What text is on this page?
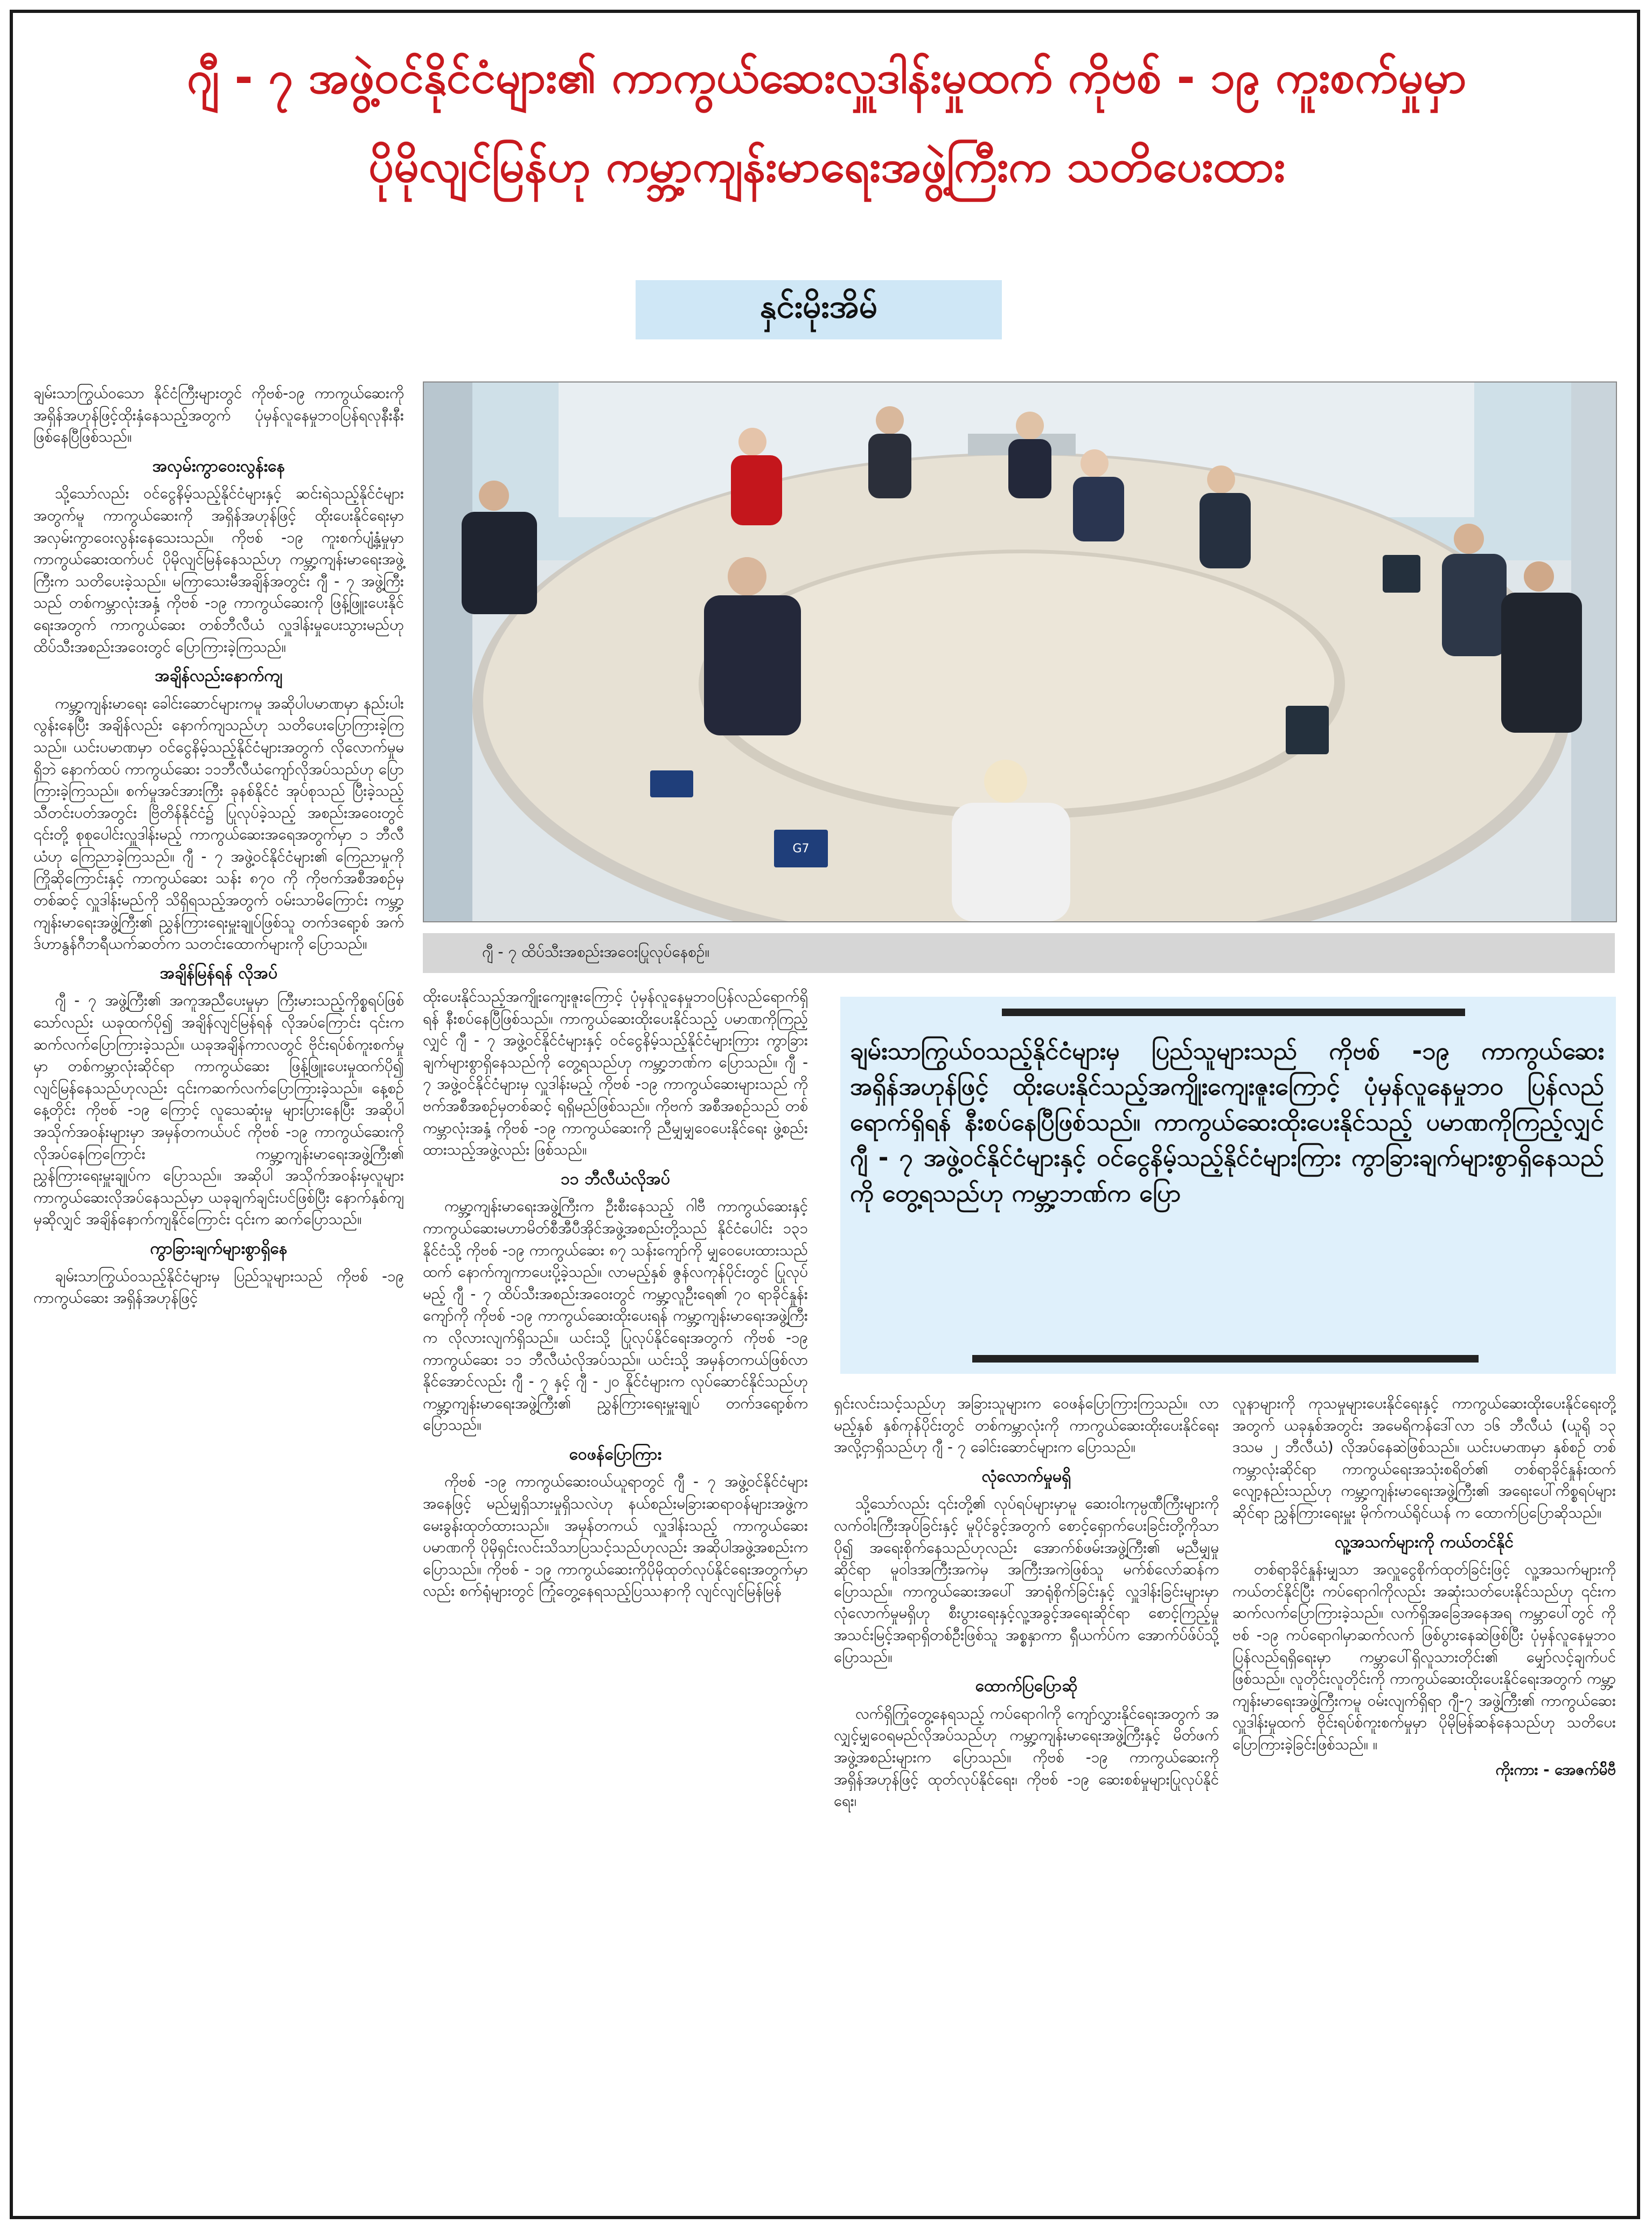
ဂျီ - ၇ အဖွဲ့ဝင်နိုင်ငံများ၏ ကာကွယ်ဆေးလှူဒါန်းမှုထက် ကိုဗစ် - ၁၉ ကူးစက်မှုမှာ
ပိုမိုလျင်မြန်ဟု ကမ္ဘာ့ကျန်းမာရေးအဖွဲ့ကြီးက သတိပေးထား
နှင်းမိုးအိမ်

ချမ်းသာကြွယ်ဝသော နိုင်ငံကြီးများတွင် ကိုဗစ်-၁၉ ကာကွယ်ဆေးကို အရှိန်အဟုန်ဖြင့်ထိုးနှံနေသည့်အတွက် ပုံမှန်လူနေမှုဘဝပြန်ရလုနီးနီး ဖြစ်နေပြီဖြစ်သည်။

အလှမ်းကွာဝေးလွန်းနေ

သို့သော်လည်း ဝင်ငွေနိမ့်သည့်နိုင်ငံများနှင့် ဆင်းရဲသည့်နိုင်ငံများအတွက်မူ ကာကွယ်ဆေးကို အရှိန်အဟုန်ဖြင့် ထိုးပေးနိုင်ရေးမှာ အလှမ်းကွာဝေးလွန်းနေသေးသည်။ ကိုဗစ် -၁၉ ကူးစက်ပျံ့နှံ့မှုမှာ ကာကွယ်ဆေးထက်ပင် ပိုမိုလျင်မြန်နေသည်ဟု ကမ္ဘာ့ကျန်းမာရေးအဖွဲ့ကြီးက သတိပေးခဲ့သည်။ မကြာသေးမီအချိန်အတွင်း ဂျီ - ၇ အဖွဲ့ကြီးသည် တစ်ကမ္ဘာလုံးအနှံ့ ကိုဗစ် -၁၉ ကာကွယ်ဆေးကို ဖြန့်ဖြူးပေးနိုင်ရေးအတွက် ကာကွယ်ဆေး တစ်ဘီလီယံ လှူဒါန်းမှုပေးသွားမည်ဟု ထိပ်သီးအစည်းအဝေးတွင် ပြောကြားခဲ့ကြသည်။

အချိန်လည်းနောက်ကျ

ကမ္ဘာ့ကျန်းမာရေး ခေါင်းဆောင်များကမူ အဆိုပါပမာဏမှာ နည်းပါးလွန်းနေပြီး အချိန်လည်း နောက်ကျသည်ဟု သတိပေးပြောကြားခဲ့ကြသည်။ ယင်းပမာဏမှာ ဝင်ငွေနိမ့်သည့်နိုင်ငံများအတွက် လိုလောက်မှုမရှိဘဲ နောက်ထပ် ကာကွယ်ဆေး ၁၁ဘီလီယံကျော်လိုအပ်သည်ဟု ပြောကြားခဲ့ကြသည်။ စက်မှုအင်အားကြီး ခုနစ်နိုင်ငံ အုပ်စုသည် ပြီးခဲ့သည့်သီတင်းပတ်အတွင်း ဗြိတိန်နိုင်ငံ၌ ပြုလုပ်ခဲ့သည့် အစည်းအဝေးတွင် ၎င်းတို့ စုစုပေါင်းလှူဒါန်းမည့် ကာကွယ်ဆေးအရေအတွက်မှာ ၁ ဘီလီယံဟု ကြေညာခဲ့ကြသည်။ ဂျီ - ၇ အဖွဲ့ဝင်နိုင်ငံများ၏ ကြေညာမှုကို ကြိုဆိုကြောင်းနှင့် ကာကွယ်ဆေး သန်း ၈၇၀ ကို ကိုဗက်အစီအစဉ်မှတစ်ဆင့် လှူဒါန်းမည်ကို သိရှိရသည့်အတွက် ဝမ်းသာမိကြောင်း ကမ္ဘာ့ကျန်းမာရေးအဖွဲ့ကြီး၏ ညွှန်ကြားရေးမှူးချုပ်ဖြစ်သူ တက်ဒရော့စ် အက်ဒ်ဟာနွန်ဂီဘရီယက်ဆတ်က သတင်းထောက်များကို ပြောသည်။

အချိန်မြန်ရန် လိုအပ်

ဂျီ - ၇ အဖွဲ့ကြီး၏ အကူအညီပေးမှုမှာ ကြီးမားသည့်ကိုစ္စရပ်ဖြစ်သော်လည်း ယခုထက်ပို၍ အချိန်လျင်မြန်ရန် လိုအပ်ကြောင်း ၎င်းက ဆက်လက်ပြောကြားခဲ့သည်။ ယခုအချိန်ကာလတွင် ဗိုင်းရပ်စ်ကူးစက်မှုမှာ တစ်ကမ္ဘာလုံးဆိုင်ရာ ကာကွယ်ဆေး ဖြန့်ဖြူးပေးမှုထက်ပို၍ လျင်မြန်နေသည်ဟုလည်း ၎င်းကဆက်လက်ပြောကြားခဲ့သည်။ နေ့စဉ်နေ့တိုင်း ကိုဗစ် -၁၉ ကြောင့် လူသေဆုံးမှု များပြားနေပြီး အဆိုပါအသိုက်အဝန်းများမှာ အမှန်တကယ်ပင် ကိုဗစ် -၁၉ ကာကွယ်ဆေးကို လိုအပ်နေကြကြောင်း ကမ္ဘာ့ကျန်းမာရေးအဖွဲ့ကြီး၏ ညွှန်ကြားရေးမှူးချုပ်က ပြောသည်။ အဆိုပါ အသိုက်အဝန်းမှလူများ ကာကွယ်ဆေးလိုအပ်နေသည်မှာ ယခုချက်ချင်းပင်ဖြစ်ပြီး နောက်နှစ်ကျမှဆိုလျှင် အချိန်နောက်ကျနိုင်ကြောင်း ၎င်းက ဆက်ပြောသည်။

ကွာခြားချက်များစွာရှိနေ

ချမ်းသာကြွယ်ဝသည့်နိုင်ငံများမှ ပြည်သူများသည် ကိုဗစ် -၁၉ ကာကွယ်ဆေး အရှိန်အဟုန်ဖြင့်

G7
ဂျီ - ၇ ထိပ်သီးအစည်းအဝေးပြုလုပ်နေစဉ်။

ထိုးပေးနိုင်သည့်အကျိုးကျေးဇူးကြောင့် ပုံမှန်လူနေမှုဘဝပြန်လည်ရောက်ရှိရန် နီးစပ်နေပြီဖြစ်သည်။ ကာကွယ်ဆေးထိုးပေးနိုင်သည့် ပမာဏကိုကြည့်လျှင် ဂျီ - ၇ အဖွဲ့ဝင်နိုင်ငံများနှင့် ဝင်ငွေနိမ့်သည့်နိုင်ငံများကြား ကွာခြားချက်များစွာရှိနေသည်ကို တွေ့ရသည်ဟု ကမ္ဘာ့ဘဏ်က ပြောသည်။ ဂျီ - ၇ အဖွဲ့ဝင်နိုင်ငံများမှ လှူဒါန်းမည့် ကိုဗစ် -၁၉ ကာကွယ်ဆေးများသည် ကိုဗက်အစီအစဉ်မှတစ်ဆင့် ရရှိမည်ဖြစ်သည်။ ကိုဗက် အစီအစဉ်သည် တစ်ကမ္ဘာလုံးအနှံ့ ကိုဗစ် -၁၉ ကာကွယ်ဆေးကို ညီမျှမျှဝေပေးနိုင်ရေး ဖွဲ့စည်းထားသည့်အဖွဲ့လည်း ဖြစ်သည်။

၁၁ ဘီလီယံလိုအပ်

ကမ္ဘာ့ကျန်းမာရေးအဖွဲ့ကြီးက ဦးစီးနေသည့် ဂါဗီ ကာကွယ်ဆေးနှင့် ကာကွယ်ဆေးမဟာမိတ်စီအီပီအိုင်အဖွဲ့အစည်းတို့သည် နိုင်ငံပေါင်း ၁၃၁ နိုင်ငံသို့ ကိုဗစ် -၁၉ ကာကွယ်ဆေး ၈၇ သန်းကျော်ကို မျှဝေပေးထားသည်ထက် နောက်ကျကာပေးပို့ခဲ့သည်။ လာမည့်နှစ် ဇွန်လကုန်ပိုင်းတွင် ပြုလုပ်မည့် ဂျီ - ၇ ထိပ်သီးအစည်းအဝေးတွင် ကမ္ဘာ့လူဦးရေ၏ ၇၀ ရာခိုင်နှုန်းကျော်ကို ကိုဗစ် -၁၉ ကာကွယ်ဆေးထိုးပေးရန် ကမ္ဘာ့ကျန်းမာရေးအဖွဲ့ကြီးက လိုလားလျက်ရှိသည်။ ယင်းသို့ ပြုလုပ်နိုင်ရေးအတွက် ကိုဗစ် -၁၉ ကာကွယ်ဆေး ၁၁ ဘီလီယံလိုအပ်သည်။ ယင်းသို့ အမှန်တကယ်ဖြစ်လာနိုင်အောင်လည်း ဂျီ - ၇ နှင့် ဂျီ - ၂၀ နိုင်ငံများက လုပ်ဆောင်နိုင်သည်ဟု ကမ္ဘာ့ကျန်းမာရေးအဖွဲ့ကြီး၏ ညွှန်ကြားရေးမှူးချုပ် တက်ဒရော့စ်က ပြောသည်။

ဝေဖန်ပြောကြား

ကိုဗစ် -၁၉ ကာကွယ်ဆေးဝယ်ယူရာတွင် ဂျီ - ၇ အဖွဲ့ဝင်နိုင်ငံများအနေဖြင့် မည်မျှရှိသားမှုရှိသလဲဟု နယ်စည်းမခြားဆရာဝန်များအဖွဲ့က မေးခွန်းထုတ်ထားသည်။ အမှန်တကယ် လှူဒါန်းသည့် ကာကွယ်ဆေးပမာဏကို ပိုမိုရှင်းလင်းသိသာပြသင့်သည်ဟုလည်း အဆိုပါအဖွဲ့အစည်းက ပြောသည်။ ကိုဗစ် - ၁၉ ကာကွယ်ဆေးကိုပိုမိုထုတ်လုပ်နိုင်ရေးအတွက်မှာလည်း စက်ရုံများတွင် ကြုံတွေ့နေရသည့်ပြဿနာကို လျင်လျင်မြန်မြန်

ချမ်းသာကြွယ်ဝသည့်နိုင်ငံများမှ ပြည်သူများသည် ကိုဗစ် -၁၉ ကာကွယ်ဆေး အရှိန်အဟုန်ဖြင့် ထိုးပေးနိုင်သည့်အကျိုးကျေးဇူးကြောင့် ပုံမှန်လူနေမှုဘဝ ပြန်လည်ရောက်ရှိရန် နီးစပ်နေပြီဖြစ်သည်။ ကာကွယ်ဆေးထိုးပေးနိုင်သည့် ပမာဏကိုကြည့်လျှင် ဂျီ - ၇ အဖွဲ့ဝင်နိုင်ငံများနှင့် ဝင်ငွေနိမ့်သည့်နိုင်ငံများကြား ကွာခြားချက်များစွာရှိနေသည်ကို တွေ့ရသည်ဟု ကမ္ဘာ့ဘဏ်က ပြော

ရှင်းလင်းသင့်သည်ဟု အခြားသူများက ဝေဖန်ပြောကြားကြသည်။ လာမည့်နှစ် နှစ်ကုန်ပိုင်းတွင် တစ်ကမ္ဘာလုံးကို ကာကွယ်ဆေးထိုးပေးနိုင်ရေး အလို့ငှာရှိသည်ဟု ဂျီ - ၇ ခေါင်းဆောင်များက ပြောသည်။

လုံလောက်မှုမရှိ

သို့သော်လည်း ၎င်းတို့၏ လုပ်ရပ်များမှာမူ ဆေးဝါးကုမ္ပဏီကြီးများကို လက်ဝါးကြီးအုပ်ခြင်းနှင့် မူပိုင်ခွင့်အတွက် စောင့်ရှောက်ပေးခြင်းတို့ကိုသာ ပို၍ အရေးစိုက်နေသည်ဟုလည်း အောက်စ်ဖမ်းအဖွဲ့ကြီး၏ မညီမျှမှုဆိုင်ရာ မူဝါဒအကြီးအကဲမှ အကြီးအကဲဖြစ်သူ မက်စ်လော်ဆန်က ပြောသည်။ ကာကွယ်ဆေးအပေါ် အာရုံစိုက်ခြင်းနှင့် လှူဒါန်းခြင်းများမှာ လုံလောက်မှုမရှိဟု စီးပွားရေးနှင့်လူ့အခွင့်အရေးဆိုင်ရာ စောင့်ကြည့်မှု အသင်းမြင့်အရာရှိတစ်ဦးဖြစ်သူ အစ္စနှာကာ ရှီယက်ပ်က အောက်ပ်ဖ်ပ်သို့ ပြောသည်။

ထောက်ပြပြောဆို

လက်ရှိကြုံတွေ့နေရသည့် ကပ်ရောဂါကို ကျော်လွှားနိုင်ရေးအတွက် အလျှင့်မျှဝေရမည်လိုအပ်သည်ဟု ကမ္ဘာ့ကျန်းမာရေးအဖွဲ့ကြီးနှင့် မိတ်ဖက်အဖွဲ့အစည်းများက ပြောသည်။ ကိုဗစ် -၁၉ ကာကွယ်ဆေးကို အရှိန်အဟုန်ဖြင့် ထုတ်လုပ်နိုင်ရေး၊ ကိုဗစ် -၁၉ ဆေးစစ်မှုများပြုလုပ်နိုင်ရေး၊

လူနာများကို ကုသမှုများပေးနိုင်ရေးနှင့် ကာကွယ်ဆေးထိုးပေးနိုင်ရေးတို့အတွက် ယခုနှစ်အတွင်း အမေရိကန်ဒေါ်လာ ၁၆ ဘီလီယံ (ယူရို ၁၃ ဒသမ ၂ ဘီလီယံ) လိုအပ်နေဆဲဖြစ်သည်။ ယင်းပမာဏမှာ နှစ်စဉ် တစ်ကမ္ဘာလုံးဆိုင်ရာ ကာကွယ်ရေးအသုံးစရိတ်၏ တစ်ရာခိုင်နှုန်းထက် လျော့နည်းသည်ဟု ကမ္ဘာ့ကျန်းမာရေးအဖွဲ့ကြီး၏ အရေးပေါ်ကိစ္စရပ်များဆိုင်ရာ ညွှန်ကြားရေးမှူး မိုက်ကယ်ရိုင်ယန် က ထောက်ပြပြောဆိုသည်။

လူ့အသက်များကို ကယ်တင်နိုင်

တစ်ရာခိုင်နှုန်းမျှသာ အလှူငွေစိုက်ထုတ်ခြင်းဖြင့် လူ့အသက်များကို ကယ်တင်နိုင်ပြီး ကပ်ရောဂါကိုလည်း အဆုံးသတ်ပေးနိုင်သည်ဟု ၎င်းကဆက်လက်ပြောကြားခဲ့သည်။ လက်ရှိအခြေအနေအရ ကမ္ဘာပေါ်တွင် ကိုဗစ် -၁၉ ကပ်ရောဂါမှာဆက်လက် ဖြစ်ပွားနေဆဲဖြစ်ပြီး ပုံမှန်လူနေမှုဘဝပြန်လည်ရရှိရေးမှာ ကမ္ဘာပေါ်ရှိလူသားတိုင်း၏ မျှော်လင့်ချက်ပင်ဖြစ်သည်။ လူတိုင်းလူတိုင်းကို ကာကွယ်ဆေးထိုးပေးနိုင်ရေးအတွက် ကမ္ဘာ့ကျန်းမာရေးအဖွဲ့ကြီးကမူ ဝမ်းလျက်ရှိရာ ဂျီ-၇ အဖွဲ့ကြီး၏ ကာကွယ်ဆေးလှူဒါန်းမှုထက် ဗိုင်းရပ်စ်ကူးစက်မှုမှာ ပိုမိုမြန်ဆန်နေသည်ဟု သတိပေးပြောကြားခဲ့ခြင်းဖြစ်သည်။ ။

ကိုးကား - အေဇက်မ်ိဗီ
